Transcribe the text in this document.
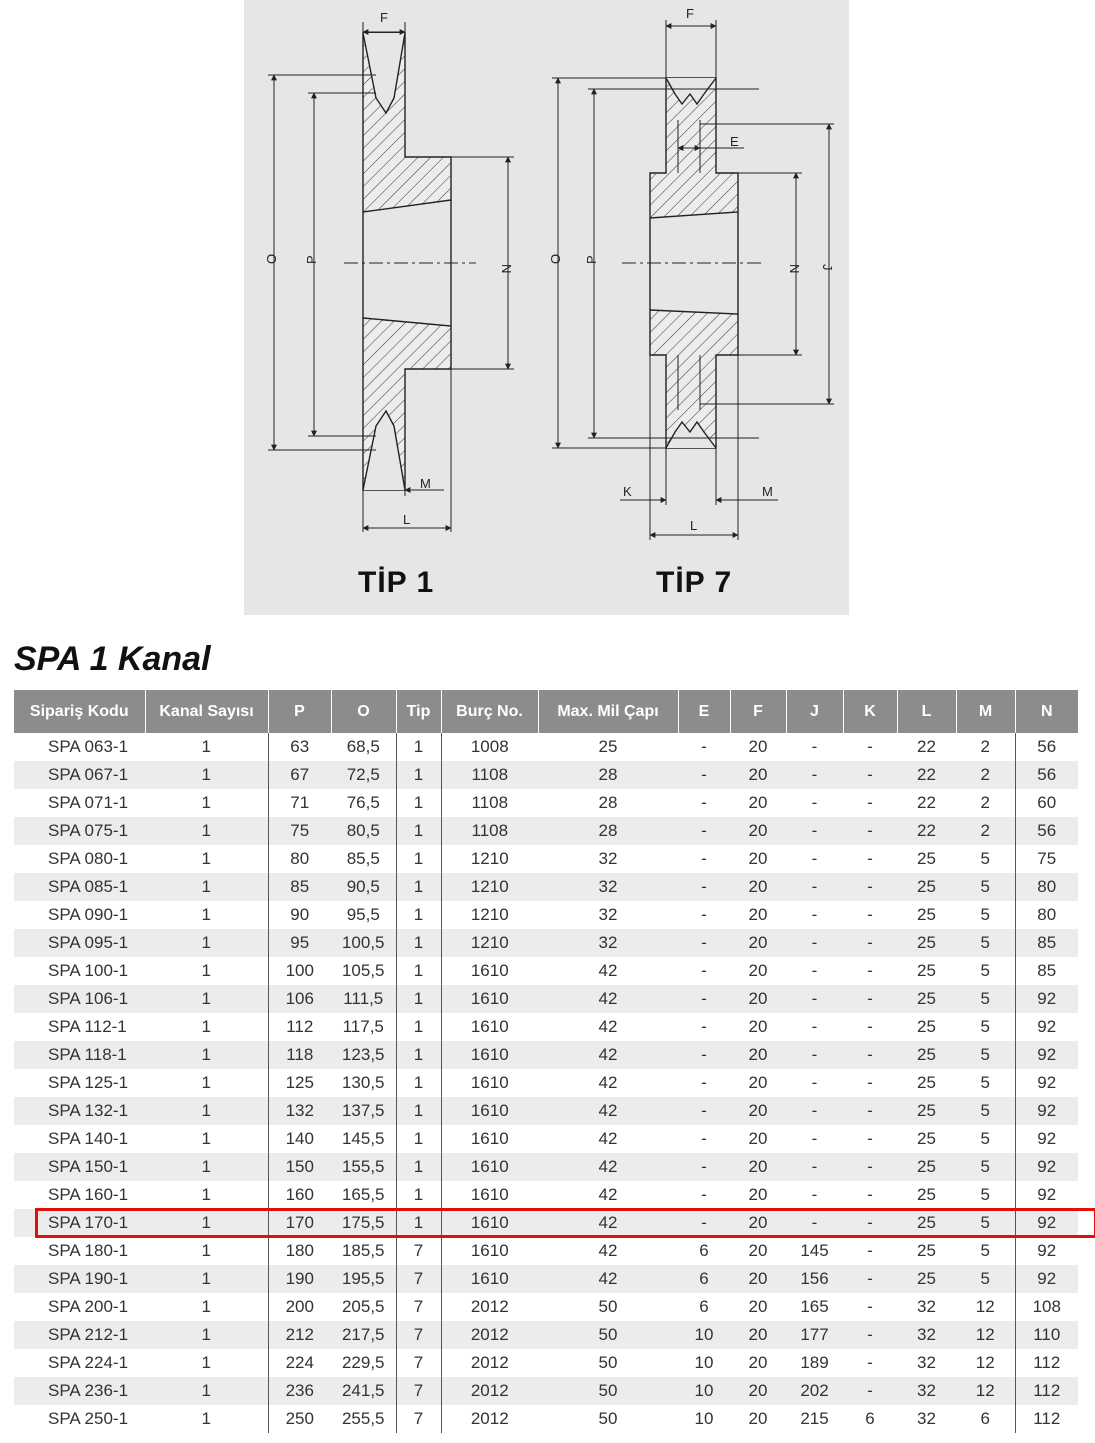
F
O P
N
M
L
F
E
O P
N J
K	M
L
TİP 1	TİP 7
SPA 1 Kanal
Sipariş Kodu	Kanal Sayısı	P	O	Tip	Burç No.	Max. Mil Çapı	E	F	J	K	L	M	N
SPA 063-1	1	63	68,5	1	1008	25	-	20	-	-	22	2	56
SPA 067-1	1	67	72,5	1	1108	28	-	20	-	-	22	2	56
SPA 071-1	1	71	76,5	1	1108	28	-	20	-	-	22	2	60
SPA 075-1	1	75	80,5	1	1108	28	-	20	-	-	22	2	56
SPA 080-1	1	80	85,5	1	1210	32	-	20	-	-	25	5	75
SPA 085-1	1	85	90,5	1	1210	32	-	20	-	-	25	5	80
SPA 090-1	1	90	95,5	1	1210	32	-	20	-	-	25	5	80
SPA 095-1	1	95	100,5	1	1210	32	-	20	-	-	25	5	85
SPA 100-1	1	100	105,5	1	1610	42	-	20	-	-	25	5	85
SPA 106-1	1	106	111,5	1	1610	42	-	20	-	-	25	5	92
SPA 112-1	1	112	117,5	1	1610	42	-	20	-	-	25	5	92
SPA 118-1	1	118	123,5	1	1610	42	-	20	-	-	25	5	92
SPA 125-1	1	125	130,5	1	1610	42	-	20	-	-	25	5	92
SPA 132-1	1	132	137,5	1	1610	42	-	20	-	-	25	5	92
SPA 140-1	1	140	145,5	1	1610	42	-	20	-	-	25	5	92
SPA 150-1	1	150	155,5	1	1610	42	-	20	-	-	25	5	92
SPA 160-1	1	160	165,5	1	1610	42	-	20	-	-	25	5	92
SPA 170-1	1	170	175,5	1	1610	42	-	20	-	-	25	5	92
SPA 180-1	1	180	185,5	7	1610	42	6	20	145	-	25	5	92
SPA 190-1	1	190	195,5	7	1610	42	6	20	156	-	25	5	92
SPA 200-1	1	200	205,5	7	2012	50	6	20	165	-	32	12	108
SPA 212-1	1	212	217,5	7	2012	50	10	20	177	-	32	12	110
SPA 224-1	1	224	229,5	7	2012	50	10	20	189	-	32	12	112
SPA 236-1	1	236	241,5	7	2012	50	10	20	202	-	32	12	112
SPA 250-1	1	250	255,5	7	2012	50	10	20	215	6	32	6	112
